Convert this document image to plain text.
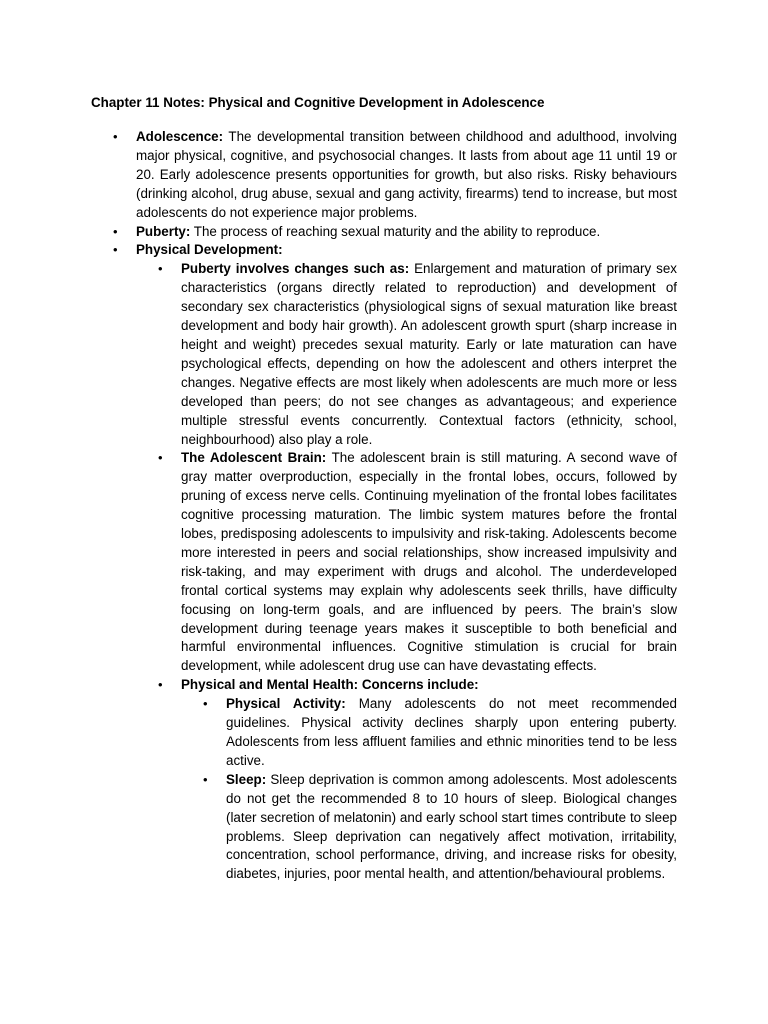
Chapter 11 Notes: Physical and Cognitive Development in Adolescence
• Adolescence: The developmental transition between childhood and adulthood, involving major physical, cognitive, and psychosocial changes. It lasts from about age 11 until 19 or 20. Early adolescence presents opportunities for growth, but also risks. Risky behaviours (drinking alcohol, drug abuse, sexual and gang activity, firearms) tend to increase, but most adolescents do not experience major problems.
• Puberty: The process of reaching sexual maturity and the ability to reproduce.
• Physical Development:
• Puberty involves changes such as: Enlargement and maturation of primary sex characteristics (organs directly related to reproduction) and development of secondary sex characteristics (physiological signs of sexual maturation like breast development and body hair growth). An adolescent growth spurt (sharp increase in height and weight) precedes sexual maturity. Early or late maturation can have psychological effects, depending on how the adolescent and others interpret the changes. Negative effects are most likely when adolescents are much more or less developed than peers; do not see changes as advantageous; and experience multiple stressful events concurrently. Contextual factors (ethnicity, school, neighbourhood) also play a role.
• The Adolescent Brain: The adolescent brain is still maturing. A second wave of gray matter overproduction, especially in the frontal lobes, occurs, followed by pruning of excess nerve cells. Continuing myelination of the frontal lobes facilitates cognitive processing maturation. The limbic system matures before the frontal lobes, predisposing adolescents to impulsivity and risk-taking. Adolescents become more interested in peers and social relationships, show increased impulsivity and risk-taking, and may experiment with drugs and alcohol. The underdeveloped frontal cortical systems may explain why adolescents seek thrills, have difficulty focusing on long-term goals, and are influenced by peers. The brain’s slow development during teenage years makes it susceptible to both beneficial and harmful environmental influences. Cognitive stimulation is crucial for brain development, while adolescent drug use can have devastating effects.
• Physical and Mental Health: Concerns include:
• Physical Activity: Many adolescents do not meet recommended guidelines. Physical activity declines sharply upon entering puberty. Adolescents from less affluent families and ethnic minorities tend to be less active.
• Sleep: Sleep deprivation is common among adolescents. Most adolescents do not get the recommended 8 to 10 hours of sleep. Biological changes (later secretion of melatonin) and early school start times contribute to sleep problems. Sleep deprivation can negatively affect motivation, irritability, concentration, school performance, driving, and increase risks for obesity, diabetes, injuries, poor mental health, and attention/behavioural problems.
